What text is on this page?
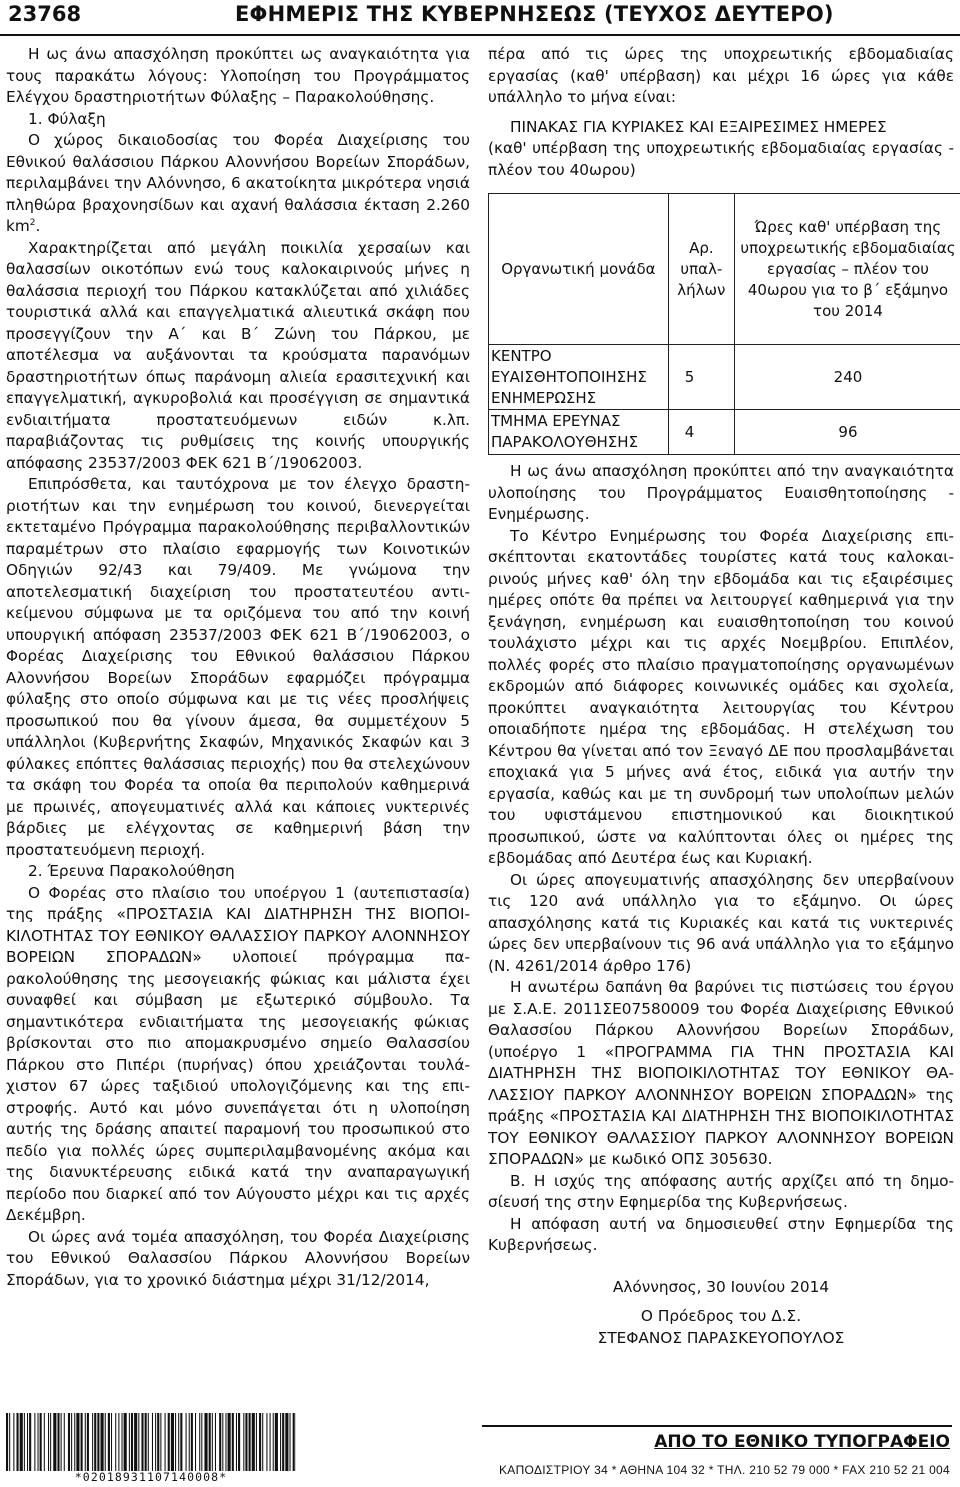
23768	ΕΦΗΜΕΡΙΣ ΤΗΣ ΚΥΒΕΡΝΗΣΕΩΣ (ΤΕΥΧΟΣ ΔΕΥΤΕΡΟ)

Η ως άνω απασχόληση προκύπτει ως αναγκαιότητα για τους παρακάτω λόγους: Υλοποίηση του Προγράμματος Ελέγχου δραστηριοτήτων Φύλαξης – Παρακολούθησης.

1. Φύλαξη

Ο χώρος δικαιοδοσίας του Φορέα Διαχείρισης του Εθνικού θαλάσσιου Πάρκου Αλοννήσου Βορείων Σποράδων, περιλαμβάνει την Αλόννησο, 6 ακατοίκητα μικρότερα νησιά πληθώρα βραχονησίδων και αχανή θαλάσσια έκταση 2.260 $km^2$.

Χαρακτηρίζεται από μεγάλη ποικιλία χερσαίων και θαλασσίων οικοτόπων ενώ τους καλοκαιρινούς μήνες η θαλάσσια περιοχή του Πάρκου κατακλύζεται από χιλιάδες τουριστικά αλλά και επαγγελματικά αλιευτικά σκάφη που προσεγγίζουν την Α΄ και Β΄ Ζώνη του Πάρκου, με αποτέλεσμα να αυξάνονται τα κρούσματα παρανόμων δραστηριοτήτων όπως παράνομη αλιεία ερασιτεχνική και επαγγελματική, αγκυροβολιά και προσέγγιση σε σημαντικά ενδιαιτήματα προστατευόμενων ειδών κ.λπ. παραβιάζοντας τις ρυθμίσεις της κοινής υπουργικής απόφασης 23537/2003 ΦΕΚ 621 Β΄/19062003.

Επιπρόσθετα, και ταυτόχρονα με τον έλεγχο δραστηριοτήτων και την ενημέρωση του κοινού, διενεργείται εκτεταμένο Πρόγραμμα παρακολούθησης περιβαλλοντικών παραμέτρων στο πλαίσιο εφαρμογής των Κοινοτικών Οδηγιών 92/43 και 79/409. Με γνώμονα την αποτελεσματική διαχείριση του προστατευτέου αντικείμενου σύμφωνα με τα οριζόμενα του από την κοινή υπουργική απόφαση 23537/2003 ΦΕΚ 621 Β΄/19062003, ο Φορέας Διαχείρισης του Εθνικού θαλάσσιου Πάρκου Αλοννήσου Βορείων Σποράδων εφαρμόζει πρόγραμμα φύλαξης στο οποίο σύμφωνα και με τις νέες προσλήψεις προσωπικού που θα γίνουν άμεσα, θα συμμετέχουν 5 υπάλληλοι (Κυβερνήτης Σκαφών, Μηχανικός Σκαφών και 3 φύλακες επόπτες θαλάσσιας περιοχής) που θα στελεχώνουν τα σκάφη του Φορέα τα οποία θα περιπολούν καθημερινά με πρωινές, απογευματινές αλλά και κάποιες νυκτερινές βάρδιες με ελέγχοντας σε καθημερινή βάση την προστατευόμενη περιοχή.

2. Έρευνα Παρακολούθηση

Ο Φορέας στο πλαίσιο του υποέργου 1 (αυτεπιστασία) της πράξης «ΠΡΟΣΤΑΣΙΑ ΚΑΙ ΔΙΑΤΗΡΗΣΗ ΤΗΣ ΒΙΟΠΟΙΚΙΛΟΤΗΤΑΣ ΤΟΥ ΕΘΝΙΚΟΥ ΘΑΛΑΣΣΙΟΥ ΠΑΡΚΟΥ ΑΛΟΝΝΗΣΟΥ ΒΟΡΕΙΩΝ ΣΠΟΡΑΔΩΝ» υλοποιεί πρόγραμμα παρακολούθησης της μεσογειακής φώκιας και μάλιστα έχει συναφθεί και σύμβαση με εξωτερικό σύμβουλο. Τα σημαντικότερα ενδιαιτήματα της μεσογειακής φώκιας βρίσκονται στο πιο απομακρυσμένο σημείο Θαλασσίου Πάρκου στο Πιπέρι (πυρήνας) όπου χρειάζονται τουλάχιστον 67 ώρες ταξιδιού υπολογιζόμενης και της επιστροφής. Αυτό και μόνο συνεπάγεται ότι η υλοποίηση αυτής της δράσης απαιτεί παραμονή του προσωπικού στο πεδίο για πολλές ώρες συμπεριλαμβανομένης ακόμα και της διανυκτέρευσης ειδικά κατά την αναπαραγωγική περίοδο που διαρκεί από τον Αύγουστο μέχρι και τις αρχές Δεκέμβρη.

Οι ώρες ανά τομέα απασχόληση, του Φορέα Διαχείρισης του Εθνικού Θαλασσίου Πάρκου Αλοννήσου Βορείων Σποράδων, για το χρονικό διάστημα μέχρι 31/12/2014,

πέρα από τις ώρες της υποχρεωτικής εβδομαδιαίας εργασίας (καθ' υπέρβαση) και μέχρι 16 ώρες για κάθε υπάλληλο το μήνα είναι:

ΠΙΝΑΚΑΣ ΓΙΑ ΚΥΡΙΑΚΕΣ ΚΑΙ ΕΞΑΙΡΕΣΙΜΕΣ ΗΜΕΡΕΣ

(καθ' υπέρβαση της υποχρεωτικής εβδομαδιαίας εργασίας πλέον του 40ωρου)

Οργανωτική μονάδα	Αρ. υπαλλήλων	Ώρες καθ' υπέρβαση της υποχρεωτικής εβδομαδιαίας εργασίας – πλέον του 40ωρου για το β΄ εξάμηνο του 2014
ΚΕΝΤΡΟ ΕΥΑΙΣΘΗΤΟΠΟΙΗΣΗΣ ΕΝΗΜΕΡΩΣΗΣ	5	240
ΤΜΗΜΑ ΕΡΕΥΝΑΣ ΠΑΡΑΚΟΛΟΥΘΗΣΗΣ	4	96

Η ως άνω απασχόληση προκύπτει από την αναγκαιότητα υλοποίησης του Προγράμματος Ευαισθητοποίησης Ενημέρωσης.

Το Κέντρο Ενημέρωσης του Φορέα Διαχείρισης επισκέπτονται εκατοντάδες τουρίστες κατά τους καλοκαιρινούς μήνες καθ' όλη την εβδομάδα και τις εξαιρέσιμες ημέρες οπότε θα πρέπει να λειτουργεί καθημερινά για την ξενάγηση, ενημέρωση και ευαισθητοποίηση του κοινού τουλάχιστο μέχρι και τις αρχές Νοεμβρίου. Επιπλέον, πολλές φορές στο πλαίσιο πραγματοποίησης οργανωμένων εκδρομών από διάφορες κοινωνικές ομάδες και σχολεία, προκύπτει αναγκαιότητα λειτουργίας του Κέντρου οποιαδήποτε ημέρα της εβδομάδας. Η στελέχωση του Κέντρου θα γίνεται από τον Ξεναγό ΔΕ που προσλαμβάνεται εποχιακά για 5 μήνες ανά έτος, ειδικά για αυτήν την εργασία, καθώς και με τη συνδρομή των υπολοίπων μελών του υφιστάμενου επιστημονικού και διοικητικού προσωπικού, ώστε να καλύπτονται όλες οι ημέρες της εβδομάδας από Δευτέρα έως και Κυριακή.

Οι ώρες απογευματινής απασχόλησης δεν υπερβαίνουν τις 120 ανά υπάλληλο για το εξάμηνο. Οι ώρες απασχόλησης κατά τις Κυριακές και κατά τις νυκτερινές ώρες δεν υπερβαίνουν τις 96 ανά υπάλληλο για το εξάμηνο (Ν. 4261/2014 άρθρο 176)

Η ανωτέρω δαπάνη θα βαρύνει τις πιστώσεις του έργου με Σ.Α.Ε. 2011ΣΕ07580009 του Φορέα Διαχείρισης Εθνικού Θαλασσίου Πάρκου Αλοννήσου Βορείων Σποράδων, (υποέργο 1 «ΠΡΟΓΡΑΜΜΑ ΓΙΑ ΤΗΝ ΠΡΟΣΤΑΣΙΑ ΚΑΙ ΔΙΑΤΗΡΗΣΗ ΤΗΣ ΒΙΟΠΟΙΚΙΛΟΤΗΤΑΣ ΤΟΥ ΕΘΝΙΚΟΥ ΘΑΛΑΣΣΙΟΥ ΠΑΡΚΟΥ ΑΛΟΝΝΗΣΟΥ ΒΟΡΕΙΩΝ ΣΠΟΡΑΔΩΝ» της πράξης «ΠΡΟΣΤΑΣΙΑ ΚΑΙ ΔΙΑΤΗΡΗΣΗ ΤΗΣ ΒΙΟΠΟΙΚΙΛΟΤΗΤΑΣ ΤΟΥ ΕΘΝΙΚΟΥ ΘΑΛΑΣΣΙΟΥ ΠΑΡΚΟΥ ΑΛΟΝΝΗΣΟΥ ΒΟΡΕΙΩΝ ΣΠΟΡΑΔΩΝ» με κωδικό ΟΠΣ 305630.

Β. Η ισχύς της απόφασης αυτής αρχίζει από τη δημοσίευσή της στην Εφημερίδα της Κυβερνήσεως.

Η απόφαση αυτή να δημοσιευθεί στην Εφημερίδα της Κυβερνήσεως.

Αλόννησος, 30 Ιουνίου 2014

Ο Πρόεδρος του Δ.Σ.

ΣΤΕΦΑΝΟΣ ΠΑΡΑΣΚΕΥΟΠΟΥΛΟΣ

*02018931107140008*
ΑΠΟ ΤΟ ΕΘΝΙΚΟ ΤΥΠΟΓΡΑΦΕΙΟ
ΚΑΠΟΔΙΣΤΡΙΟΥ 34 * ΑΘΗΝΑ 104 32 * ΤΗΛ. 210 52 79 000 * FAX 210 52 21 004
